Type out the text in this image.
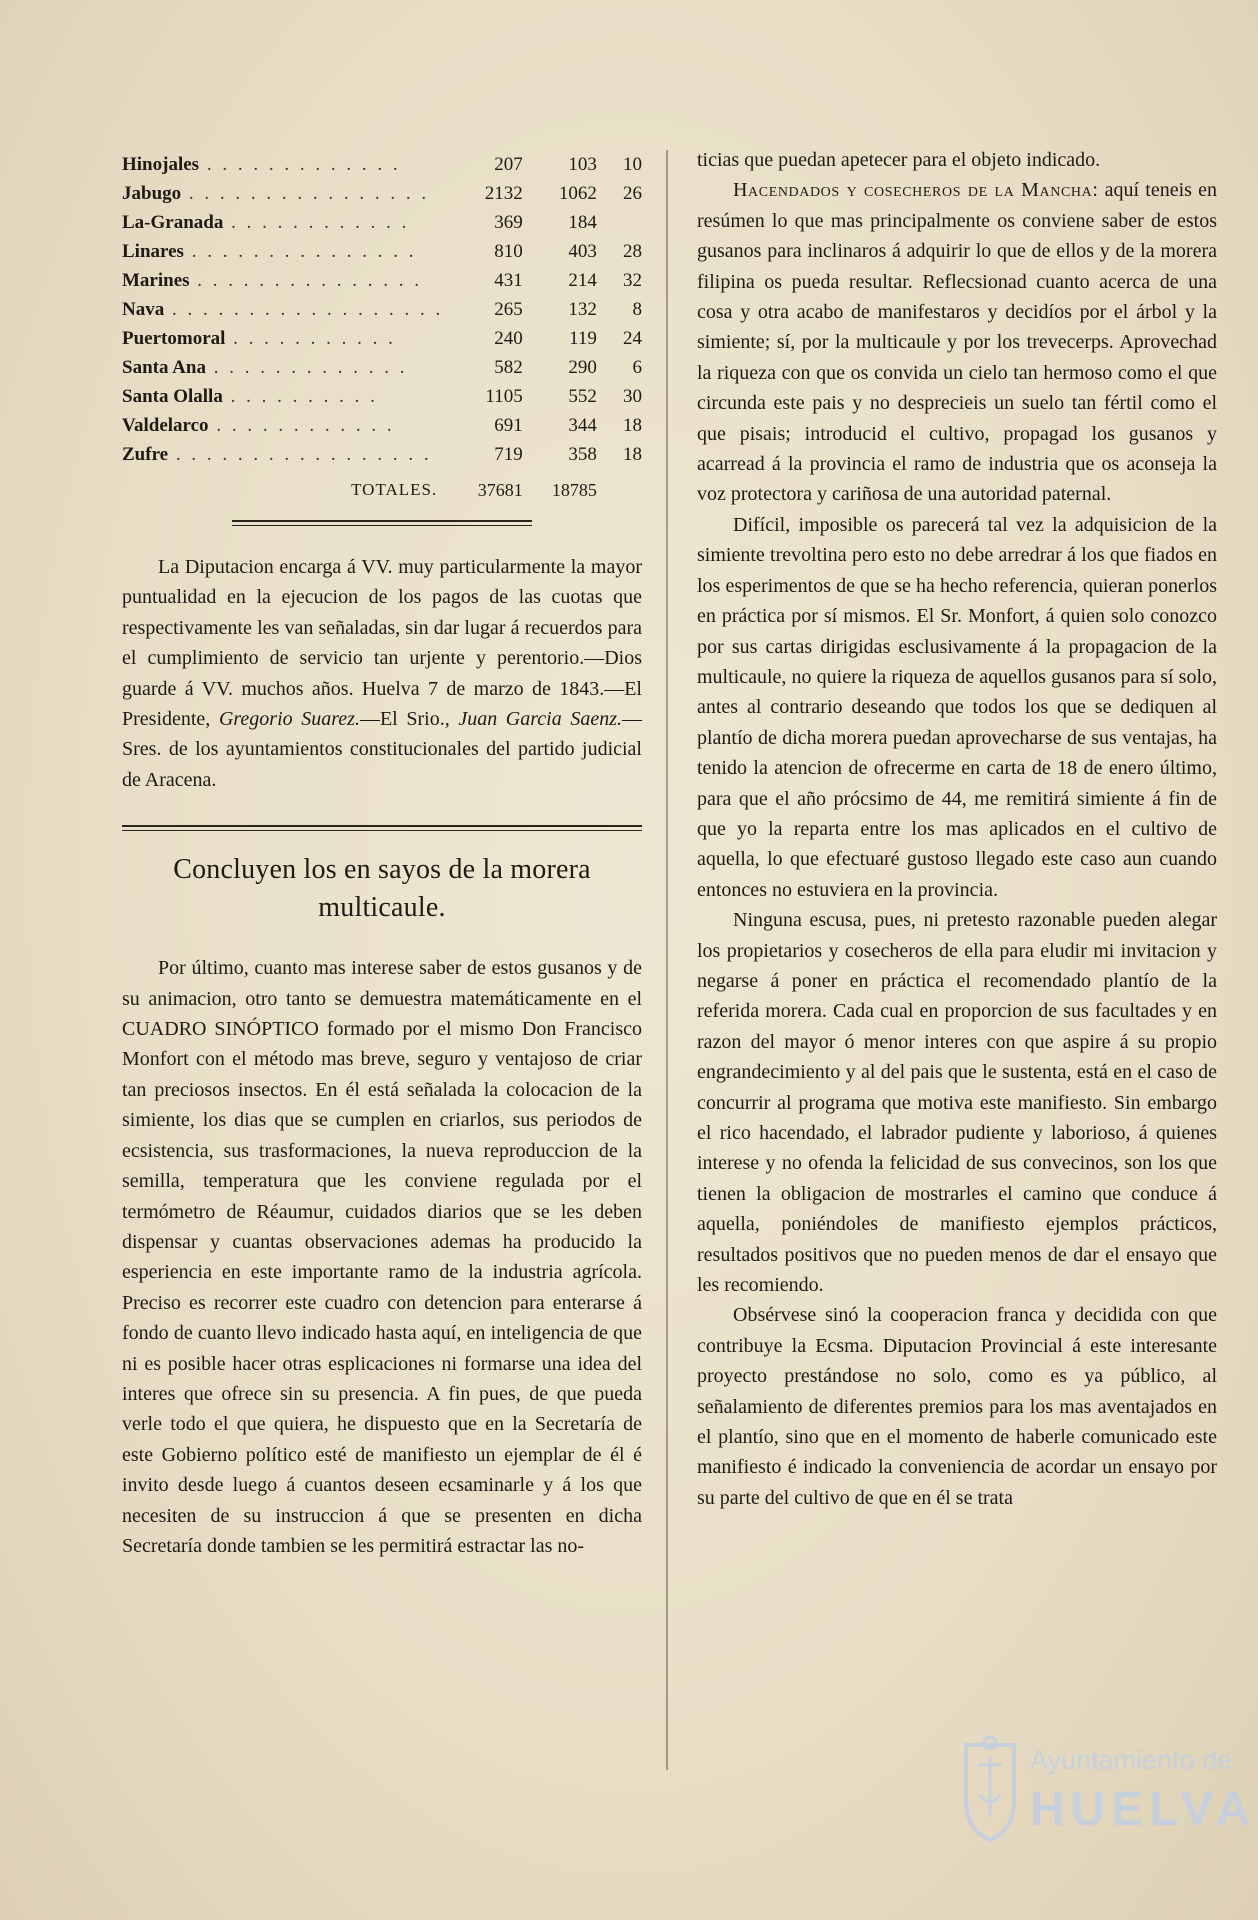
Hinojales . . . . . . . . . . . . .	207	103	10
Jabugo . . . . . . . . . . . . . . . .	2132	1062	26
La-Granada . . . . . . . . . . . .	369	184	
Linares . . . . . . . . . . . . . . .	810	403	28
Marines . . . . . . . . . . . . . . .	431	214	32
Nava . . . . . . . . . . . . . . . . . .	265	132	8
Puertomoral . . . . . . . . . . .	240	119	24
Santa Ana . . . . . . . . . . . . .	582	290	6
Santa Olalla . . . . . . . . . .	1105	552	30
Valdelarco . . . . . . . . . . . .	691	344	18
Zufre . . . . . . . . . . . . . . . . .	719	358	18
TOTALES.	37681	18785	

La Diputacion encarga á VV. muy particularmente la mayor puntualidad en la ejecucion de los pagos de las cuotas que respectivamente les van señaladas, sin dar lugar á recuerdos para el cumplimiento de servicio tan urjente y perentorio.—Dios guarde á VV. muchos años. Huelva 7 de marzo de 1843.—El Presidente, Gregorio Suarez.—El Srio., Juan Garcia Saenz.—Sres. de los ayuntamientos constitucionales del partido judicial de Aracena.

Concluyen los en sayos de la morera multicaule.

Por último, cuanto mas interese saber de estos gusanos y de su animacion, otro tanto se demuestra matemáticamente en el CUADRO SINÓPTICO formado por el mismo Don Francisco Monfort con el método mas breve, seguro y ventajoso de criar tan preciosos insectos. En él está señalada la colocacion de la simiente, los dias que se cumplen en criarlos, sus periodos de ecsistencia, sus trasformaciones, la nueva reproduccion de la semilla, temperatura que les conviene regulada por el termómetro de Réaumur, cuidados diarios que se les deben dispensar y cuantas observaciones ademas ha producido la esperiencia en este importante ramo de la industria agrícola. Preciso es recorrer este cuadro con detencion para enterarse á fondo de cuanto llevo indicado hasta aquí, en inteligencia de que ni es posible hacer otras esplicaciones ni formarse una idea del interes que ofrece sin su presencia. A fin pues, de que pueda verle todo el que quiera, he dispuesto que en la Secretaría de este Gobierno político esté de manifiesto un ejemplar de él é invito desde luego á cuantos deseen ecsaminarle y á los que necesiten de su instruccion á que se presenten en dicha Secretaría donde tambien se les permitirá estractar las no-

ticias que puedan apetecer para el objeto indicado.

Hacendados y cosecheros de la Mancha: aquí teneis en resúmen lo que mas principalmente os conviene saber de estos gusanos para inclinaros á adquirir lo que de ellos y de la morera filipina os pueda resultar. Reflecsionad cuanto acerca de una cosa y otra acabo de manifestaros y decidíos por el árbol y la simiente; sí, por la multicaule y por los trevecerps. Aprovechad la riqueza con que os convida un cielo tan hermoso como el que circunda este pais y no desprecieis un suelo tan fértil como el que pisais; introducid el cultivo, propagad los gusanos y acarread á la provincia el ramo de industria que os aconseja la voz protectora y cariñosa de una autoridad paternal.

Difícil, imposible os parecerá tal vez la adquisicion de la simiente trevoltina pero esto no debe arredrar á los que fiados en los esperimentos de que se ha hecho referencia, quieran ponerlos en práctica por sí mismos. El Sr. Monfort, á quien solo conozco por sus cartas dirigidas esclusivamente á la propagacion de la multicaule, no quiere la riqueza de aquellos gusanos para sí solo, antes al contrario deseando que todos los que se dediquen al plantío de dicha morera puedan aprovecharse de sus ventajas, ha tenido la atencion de ofrecerme en carta de 18 de enero último, para que el año prócsimo de 44, me remitirá simiente á fin de que yo la reparta entre los mas aplicados en el cultivo de aquella, lo que efectuaré gustoso llegado este caso aun cuando entonces no estuviera en la provincia.

Ninguna escusa, pues, ni pretesto razonable pueden alegar los propietarios y cosecheros de ella para eludir mi invitacion y negarse á poner en práctica el recomendado plantío de la referida morera. Cada cual en proporcion de sus facultades y en razon del mayor ó menor interes con que aspire á su propio engrandecimiento y al del pais que le sustenta, está en el caso de concurrir al programa que motiva este manifiesto. Sin embargo el rico hacendado, el labrador pudiente y laborioso, á quienes interese y no ofenda la felicidad de sus convecinos, son los que tienen la obligacion de mostrarles el camino que conduce á aquella, poniéndoles de manifiesto ejemplos prácticos, resultados positivos que no pueden menos de dar el ensayo que les recomiendo.

Obsérvese sinó la cooperacion franca y decidida con que contribuye la Ecsma. Diputacion Provincial á este interesante proyecto prestándose no solo, como es ya público, al señalamiento de diferentes premios para los mas aventajados en el plantío, sino que en el momento de haberle comunicado este manifiesto é indicado la conveniencia de acordar un ensayo por su parte del cultivo de que en él se trata

Ayuntamiento de
HUELVA
